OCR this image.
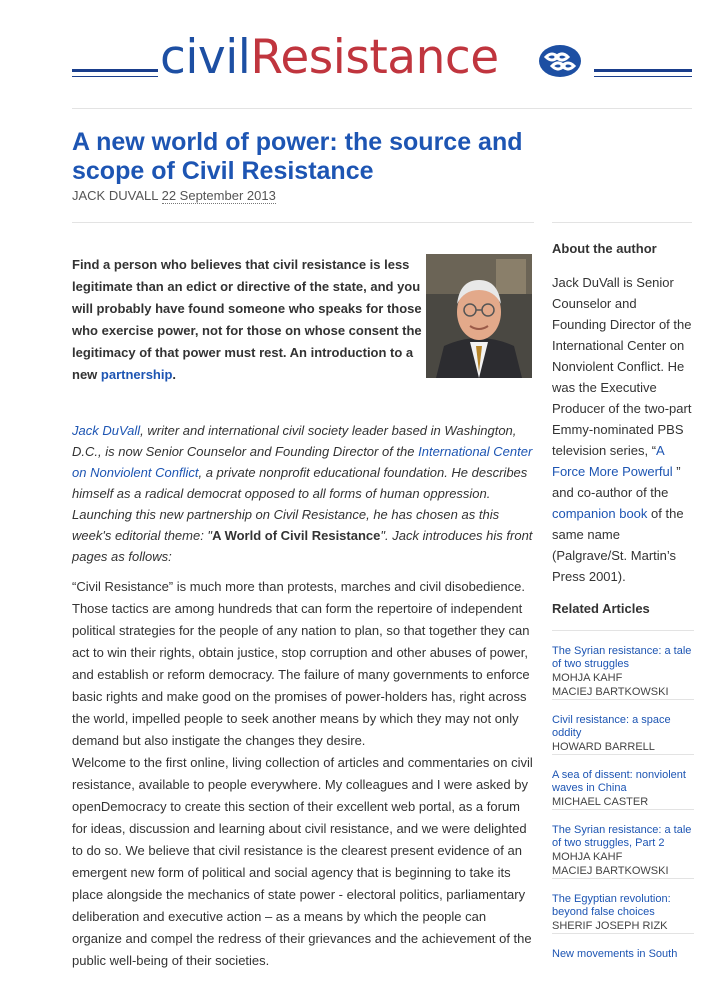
civilResistance
A new world of power: the source and scope of Civil Resistance
JACK DUVALL 22 September 2013

Find a person who believes that civil resistance is less legitimate than an edict or directive of the state, and you will probably have found someone who speaks for those who exercise power, not for those on whose consent the legitimacy of that power must rest. An introduction to a new partnership.

Jack DuVall, writer and international civil society leader based in Washington, D.C., is now Senior Counselor and Founding Director of the International Center on Nonviolent Conflict, a private nonprofit educational foundation. He describes himself as a radical democrat opposed to all forms of human oppression. Launching this new partnership on Civil Resistance, he has chosen as this week's editorial theme: "A World of Civil Resistance". Jack introduces his front pages as follows:

“Civil Resistance” is much more than protests, marches and civil disobedience. Those tactics are among hundreds that can form the repertoire of independent political strategies for the people of any nation to plan, so that together they can act to win their rights, obtain justice, stop corruption and other abuses of power, and establish or reform democracy. The failure of many governments to enforce basic rights and make good on the promises of power-holders has, right across the world, impelled people to seek another means by which they may not only demand but also instigate the changes they desire.

Welcome to the first online, living collection of articles and commentaries on civil resistance, available to people everywhere. My colleagues and I were asked by openDemocracy to create this section of their excellent web portal, as a forum for ideas, discussion and learning about civil resistance, and we were delighted to do so. We believe that civil resistance is the clearest present evidence of an emergent new form of political and social agency that is beginning to take its place alongside the mechanics of state power - electoral politics, parliamentary deliberation and executive action – as a means by which the people can organize and compel the redress of their grievances and the achievement of the public well-being of their societies.

About the author

Jack DuVall is Senior Counselor and Founding Director of the International Center on Nonviolent Conflict. He was the Executive Producer of the two-part Emmy-nominated PBS television series, “A Force More Powerful ” and co-author of the companion book of the same name (Palgrave/St. Martin’s Press 2001).

Related Articles
The Syrian resistance: a tale of two struggles
MOHJA KAHF
MACIEJ BARTKOWSKI
Civil resistance: a space oddity
HOWARD BARRELL
A sea of dissent: nonviolent waves in China
MICHAEL CASTER
The Syrian resistance: a tale of two struggles, Part 2
MOHJA KAHF
MACIEJ BARTKOWSKI
The Egyptian revolution: beyond false choices
SHERIF JOSEPH RIZK
New movements in South
